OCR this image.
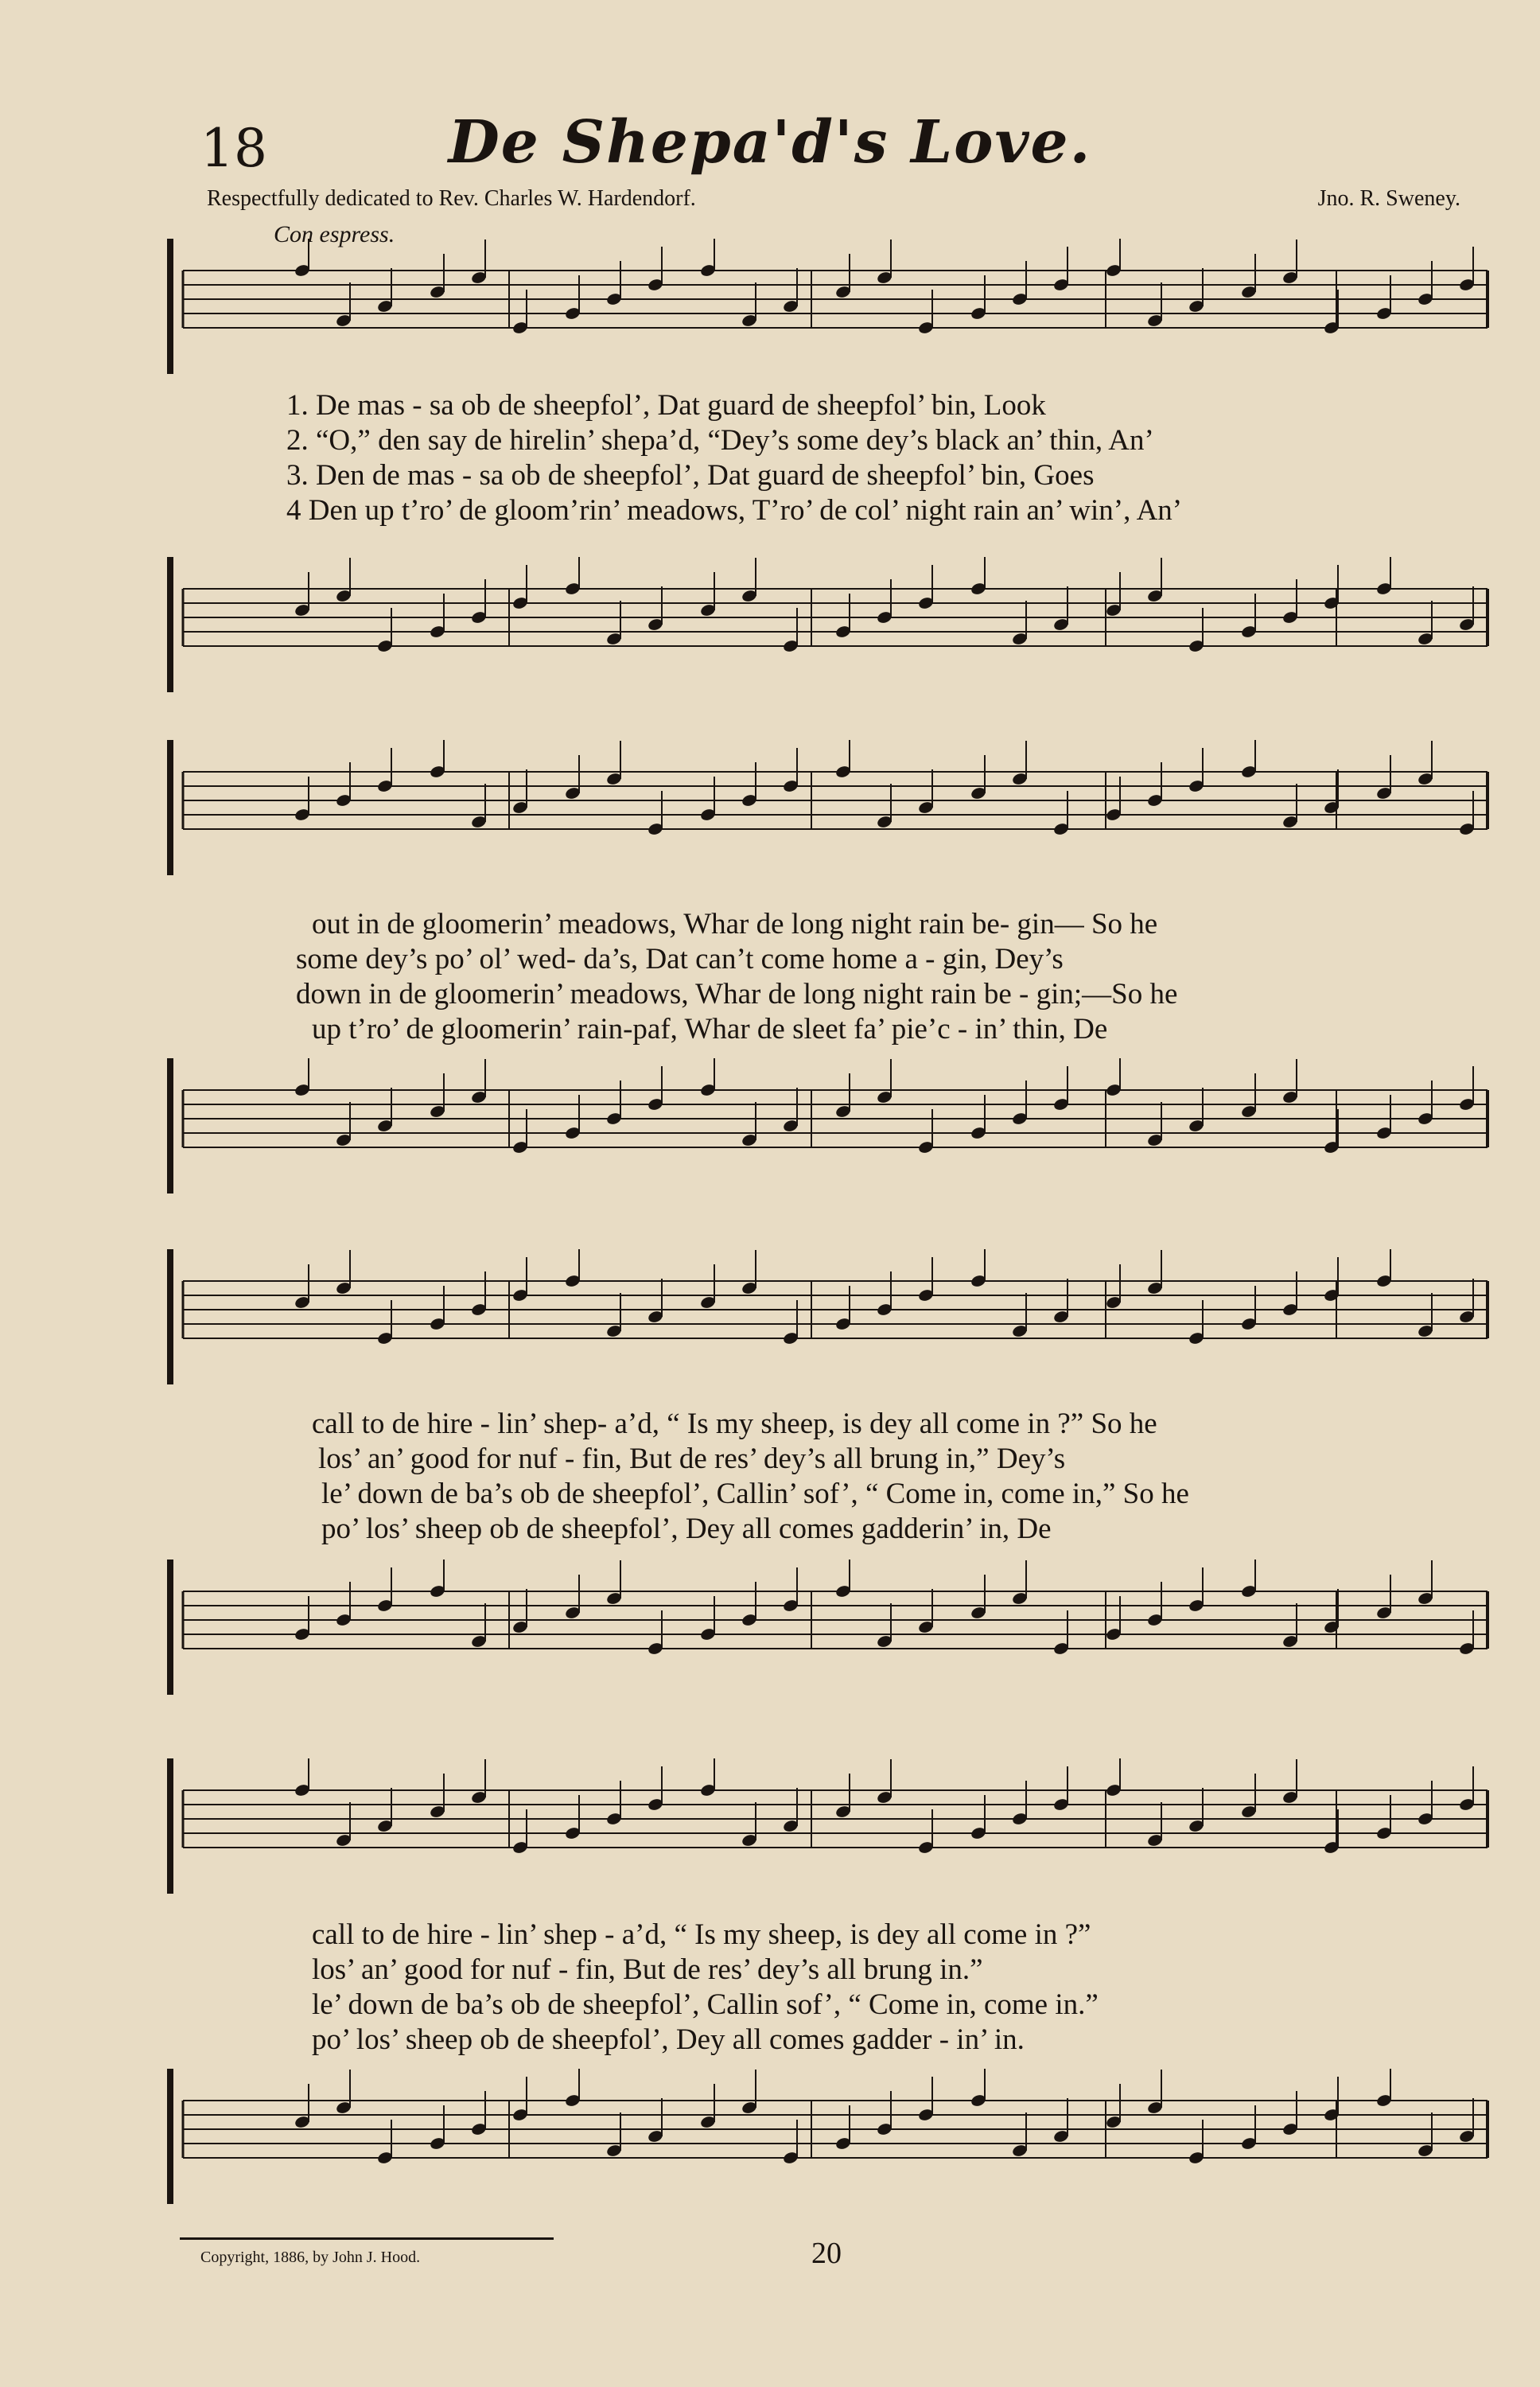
18	De Shepa'd's Love.
Respectfully dedicated to Rev. Charles W. Hardendorf.	Jno. R. Sweney.
Con espress.
1. De mas - sa ob de sheepfol’, Dat guard de sheepfol’ bin, Look
2. “O,” den say de hirelin’ shepa’d, “Dey’s some dey’s black an’ thin, An’
3. Den de mas - sa ob de sheepfol’, Dat guard de sheepfol’ bin, Goes
4 Den up t’ro’ de gloom’rin’ meadows, T’ro’ de col’ night rain an’ win’, An’
out in de gloomerin’ meadows, Whar de long night rain be- gin— So he
some dey’s po’ ol’ wed- da’s, Dat can’t come home a - gin, Dey’s
down in de gloomerin’ meadows, Whar de long night rain be - gin;—So he
up t’ro’ de gloomerin’ rain-paf, Whar de sleet fa’ pie’c - in’ thin, De
call to de hire - lin’ shep- a’d, “ Is my sheep, is dey all come in ?” So he
los’ an’ good for nuf - fin, But de res’ dey’s all brung in,” Dey’s
le’ down de ba’s ob de sheepfol’, Callin’ sof’, “ Come in, come in,” So he
po’ los’ sheep ob de sheepfol’, Dey all comes gadderin’ in, De
call to de hire - lin’ shep - a’d, “ Is my sheep, is dey all come in ?”
los’ an’ good for nuf - fin, But de res’ dey’s all brung in.”
le’ down de ba’s ob de sheepfol’, Callin sof’, “ Come in, come in.”
po’ los’ sheep ob de sheepfol’, Dey all comes gadder - in’ in.
Copyright, 1886, by John J. Hood.	20
